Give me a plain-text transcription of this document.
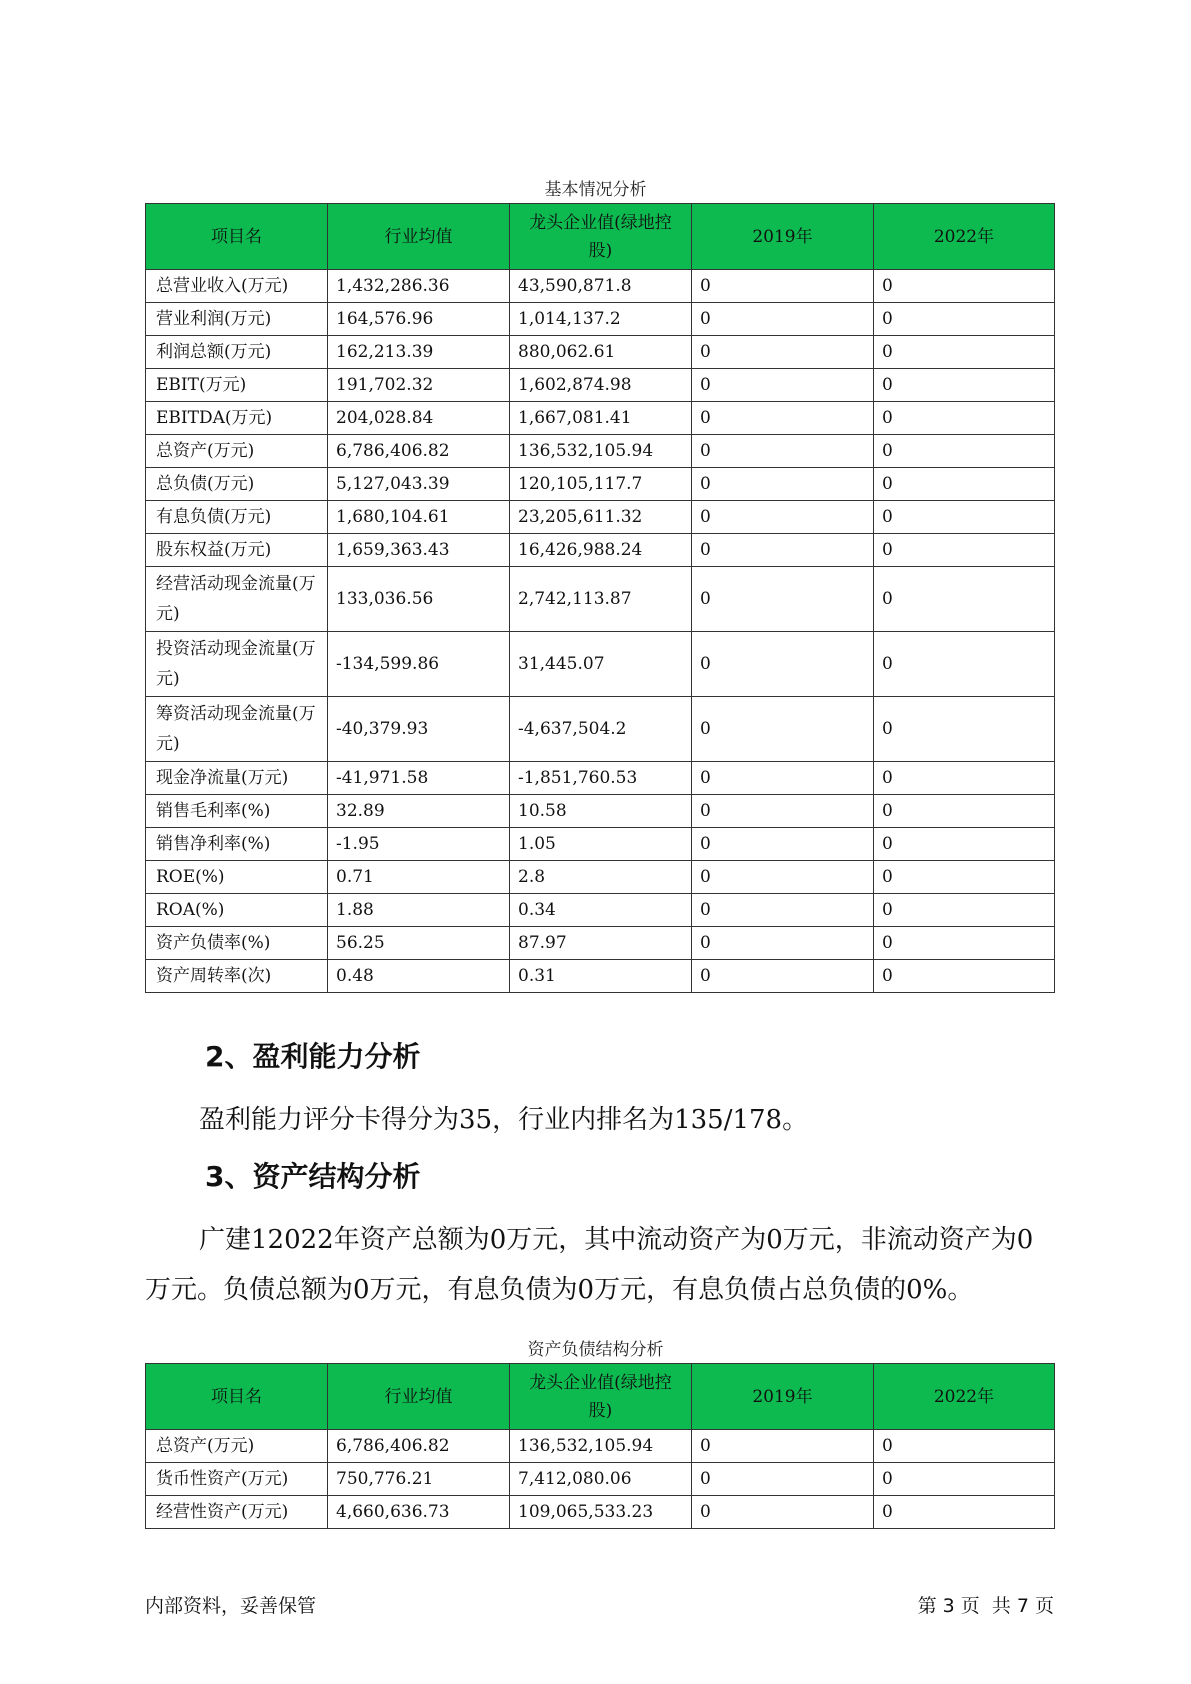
基本情况分析
项目名	行业均值	龙头企业值(绿地控股)	2019年	2022年
总营业收入(万元)	1,432,286.36	43,590,871.8	0	0
营业利润(万元)	164,576.96	1,014,137.2	0	0
利润总额(万元)	162,213.39	880,062.61	0	0
EBIT(万元)	191,702.32	1,602,874.98	0	0
EBITDA(万元)	204,028.84	1,667,081.41	0	0
总资产(万元)	6,786,406.82	136,532,105.94	0	0
总负债(万元)	5,127,043.39	120,105,117.7	0	0
有息负债(万元)	1,680,104.61	23,205,611.32	0	0
股东权益(万元)	1,659,363.43	16,426,988.24	0	0
经营活动现金流量(万元)	133,036.56	2,742,113.87	0	0
投资活动现金流量(万元)	-134,599.86	31,445.07	0	0
筹资活动现金流量(万元)	-40,379.93	-4,637,504.2	0	0
现金净流量(万元)	-41,971.58	-1,851,760.53	0	0
销售毛利率(%)	32.89	10.58	0	0
销售净利率(%)	-1.95	1.05	0	0
ROE(%)	0.71	2.8	0	0
ROA(%)	1.88	0.34	0	0
资产负债率(%)	56.25	87.97	0	0
资产周转率(次)	0.48	0.31	0	0
2、盈利能力分析

盈利能力评分卡得分为35，行业内排名为135/178。

3、资产结构分析

广建12022年资产总额为0万元，其中流动资产为0万元，非流动资产为0万元。负债总额为0万元，有息负债为0万元，有息负债占总负债的0%。

资产负债结构分析
项目名	行业均值	龙头企业值(绿地控股)	2019年	2022年
总资产(万元)	6,786,406.82	136,532,105.94	0	0
货币性资产(万元)	750,776.21	7,412,080.06	0	0
经营性资产(万元)	4,660,636.73	109,065,533.23	0	0
内部资料，妥善保管	第 3 页  共 7 页
